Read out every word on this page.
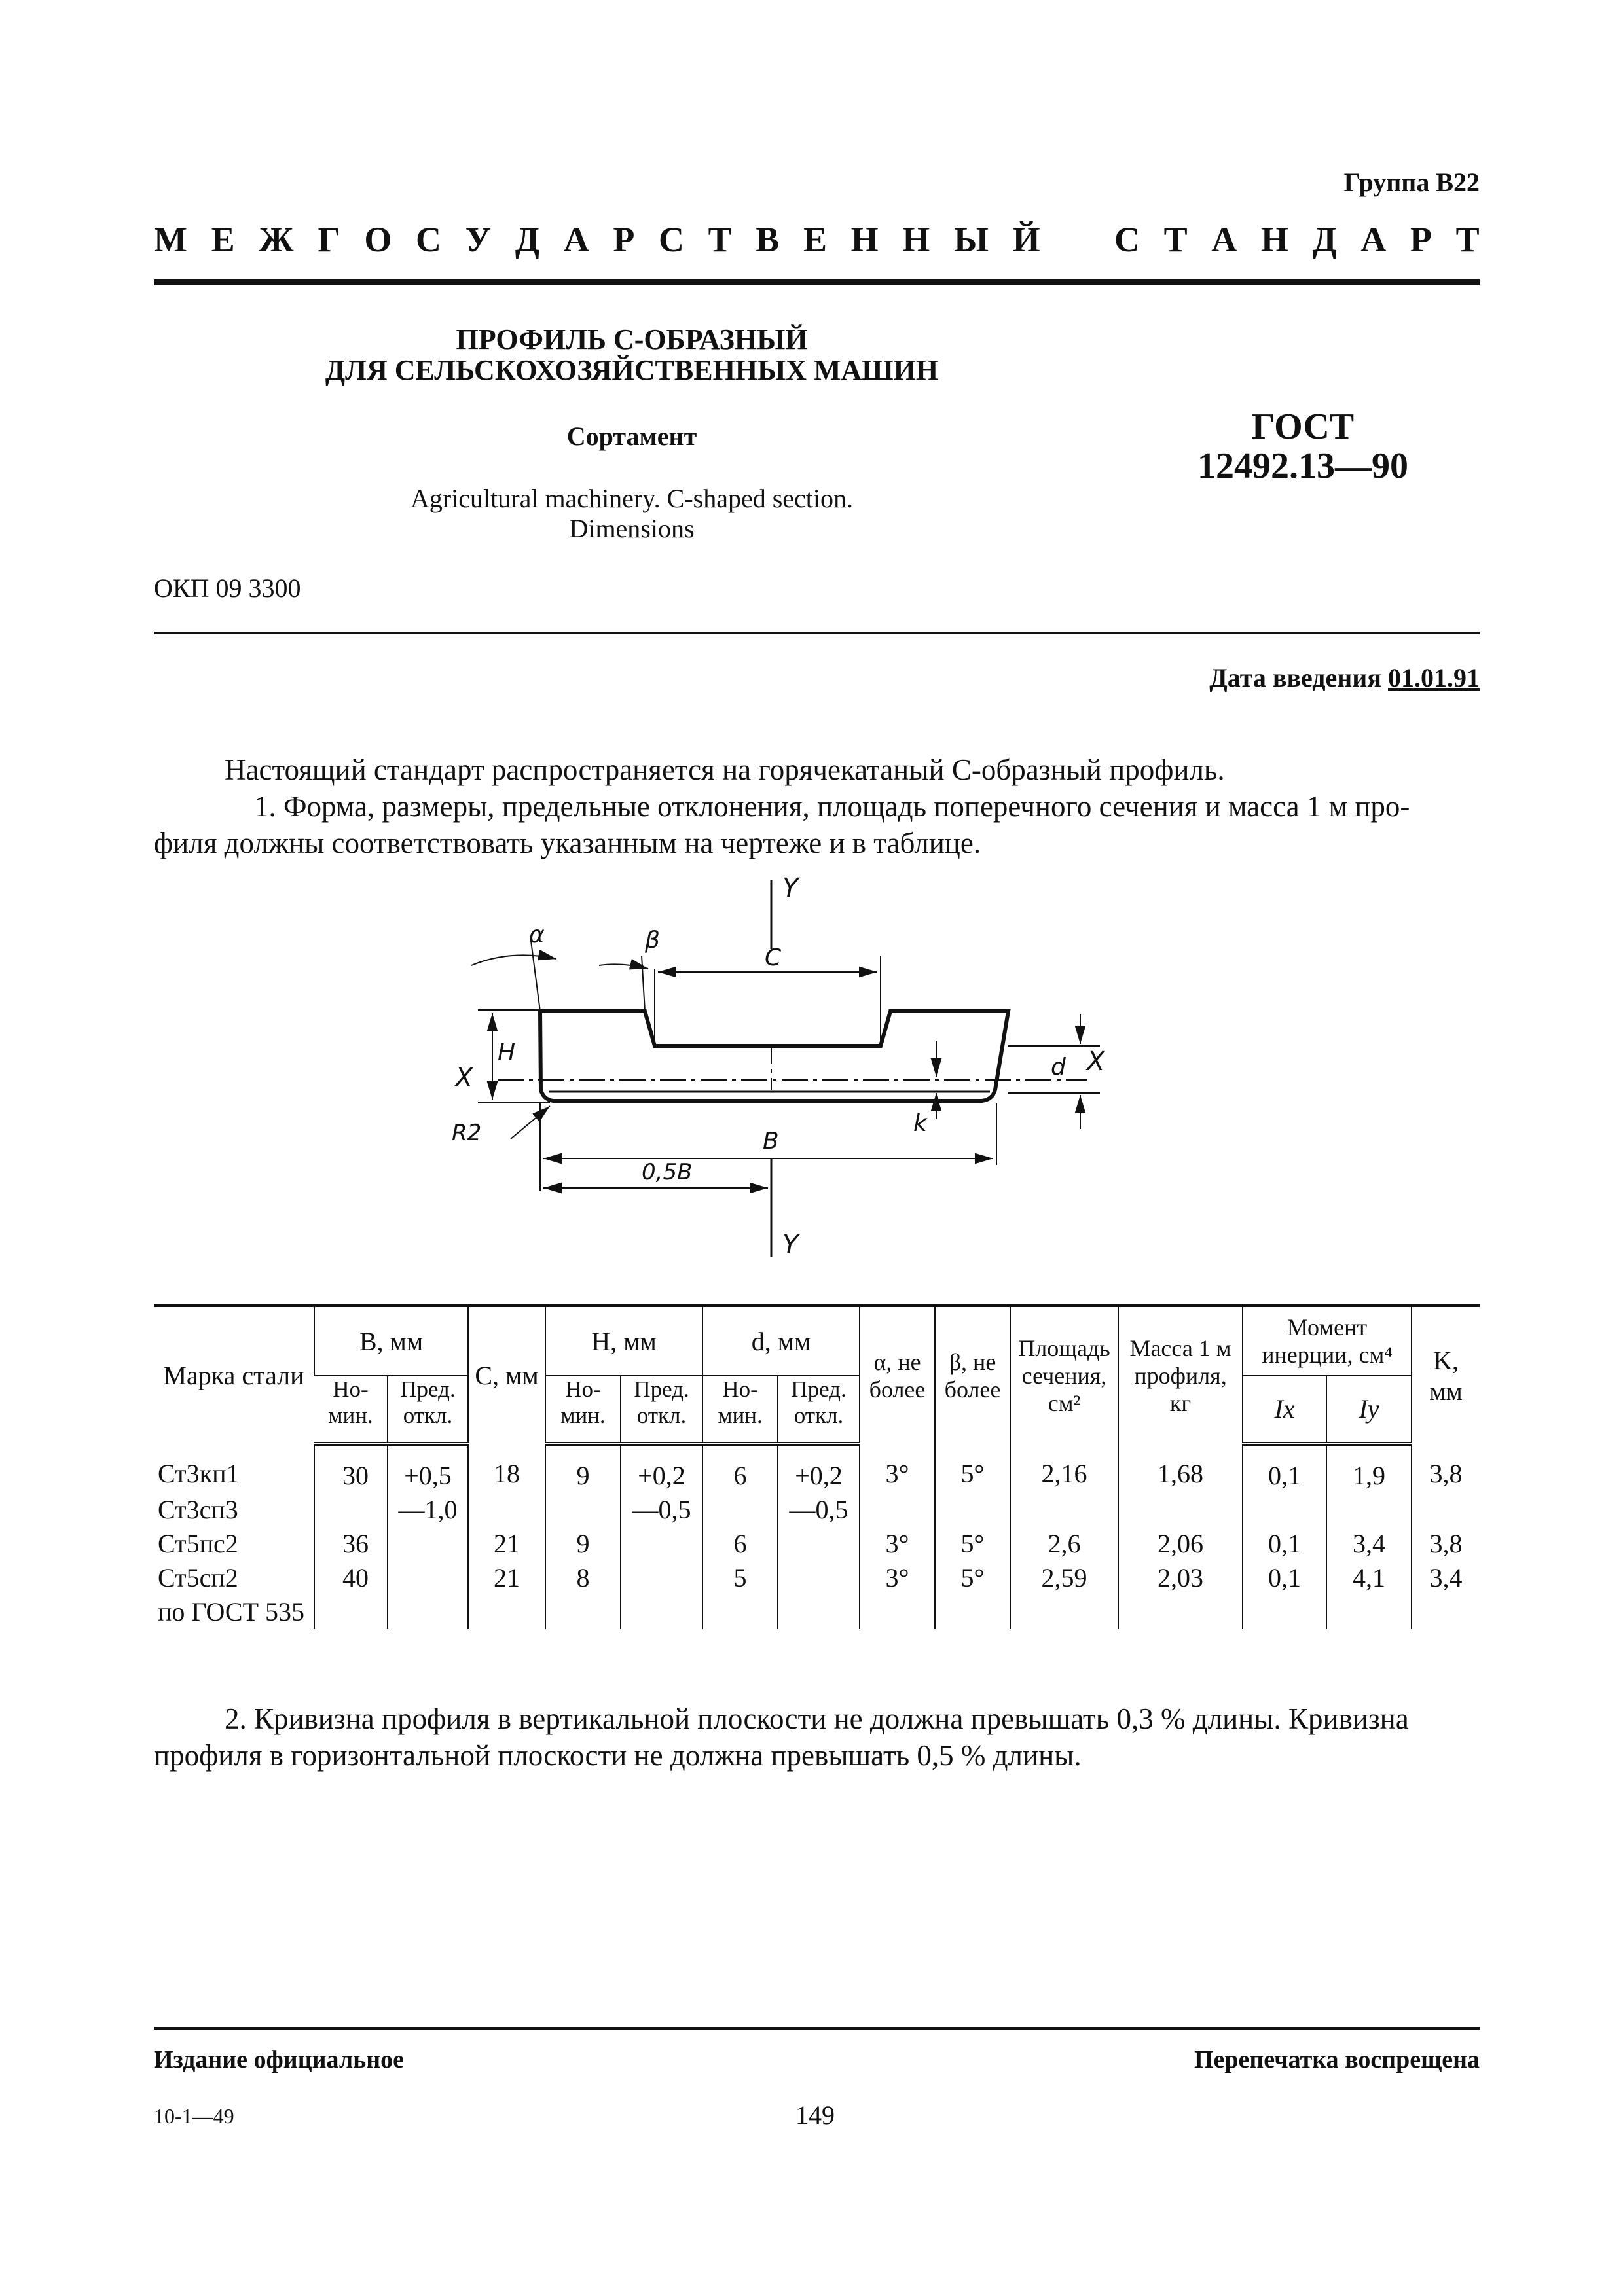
Группа В22
М Е Ж Г О С У Д А Р С Т В Е Н Н Ы Й С Т А Н Д А Р Т
ПРОФИЛЬ С-ОБРАЗНЫЙ
ДЛЯ СЕЛЬСКОХОЗЯЙСТВЕННЫХ МАШИН
Сортамент
Agricultural machinery. C-shaped section.
Dimensions
ГОСТ
12492.13—90
ОКП 09 3300
Дата введения 01.01.91
Настоящий стандарт распространяется на горячекатаный С-образный профиль.
1. Форма, размеры, предельные отклонения, площадь поперечного сечения и масса 1 м про-
филя должны соответствовать указанным на чертеже и в таблице.
Y
Y
X
X
α	β
C
H
d
k
R2	B
0,5B
Марка стали	B, мм		C, мм	H, мм		d, мм		α, не более	β, не более	Площадь сечения, см²	Масса 1 м профиля, кг	Момент инерции, см⁴		K, мм
	Но-мин.	Пред. откл.		Но-мин.	Пред. откл.	Но-мин.	Пред. откл.					Ix	Iy	
Ст3кп1	30	+0,5	18	9	+0,2	6	+0,2	3°	5°	2,16	1,68	0,1	1,9	3,8
Ст3сп3		—1,0			—0,5		—0,5							
Ст5пс2	36		21	9		6		3°	5°	2,6	2,06	0,1	3,4	3,8
Ст5сп2	40		21	8		5		3°	5°	2,59	2,03	0,1	4,1	3,4
по ГОСТ 535														
2. Кривизна профиля в вертикальной плоскости не должна превышать 0,3 % длины. Кривизна
профиля в горизонтальной плоскости не должна превышать 0,5 % длины.
Издание официальное	Перепечатка воспрещена
10-1—49	149
